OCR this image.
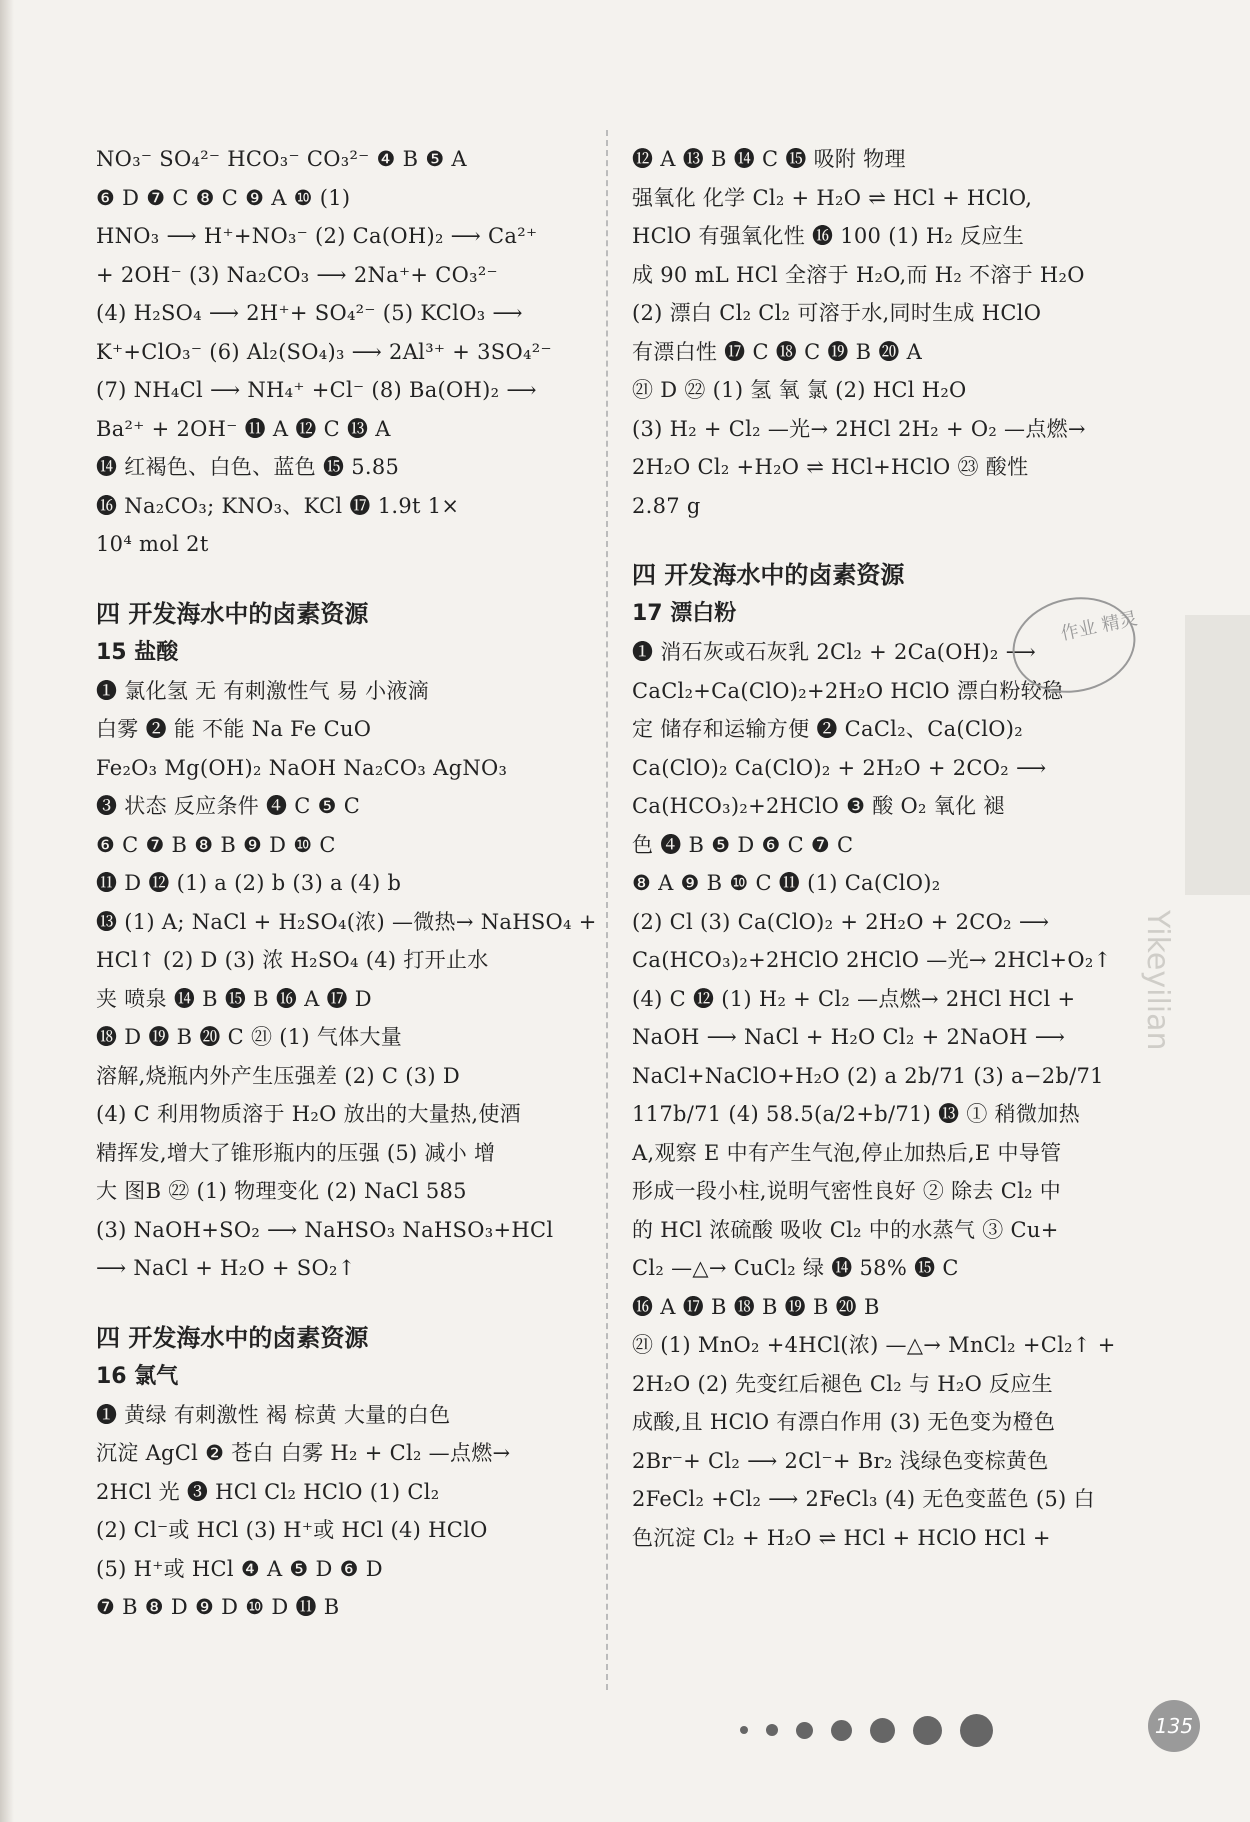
NO₃⁻ SO₄²⁻ HCO₃⁻ CO₃²⁻ ❹ B ❺ A
❻ D ❼ C ❽ C ❾ A ❿ (1)
HNO₃ ⟶ H⁺+NO₃⁻ (2) Ca(OH)₂ ⟶ Ca²⁺
+ 2OH⁻ (3) Na₂CO₃ ⟶ 2Na⁺+ CO₃²⁻
(4) H₂SO₄ ⟶ 2H⁺+ SO₄²⁻ (5) KClO₃ ⟶
K⁺+ClO₃⁻ (6) Al₂(SO₄)₃ ⟶ 2Al³⁺ + 3SO₄²⁻
(7) NH₄Cl ⟶ NH₄⁺ +Cl⁻ (8) Ba(OH)₂ ⟶
Ba²⁺ + 2OH⁻ ⓫ A ⓬ C ⓭ A
⓮ 红褐色、白色、蓝色 ⓯ 5.85
⓰ Na₂CO₃; KNO₃、KCl ⓱ 1.9t 1×
10⁴ mol 2t
四 开发海水中的卤素资源
15 盐酸
❶ 氯化氢 无 有刺激性气 易 小液滴
白雾 ❷ 能 不能 Na Fe CuO
Fe₂O₃ Mg(OH)₂ NaOH Na₂CO₃ AgNO₃
❸ 状态 反应条件 ❹ C ❺ C
❻ C ❼ B ❽ B ❾ D ❿ C
⓫ D ⓬ (1) a (2) b (3) a (4) b
⓭ (1) A; NaCl + H₂SO₄(浓) —微热→ NaHSO₄ +
HCl↑ (2) D (3) 浓 H₂SO₄ (4) 打开止水
夹 喷泉 ⓮ B ⓯ B ⓰ A ⓱ D
⓲ D ⓳ B ⓴ C ㉑ (1) 气体大量
溶解,烧瓶内外产生压强差 (2) C (3) D
(4) C 利用物质溶于 H₂O 放出的大量热,使酒
精挥发,增大了锥形瓶内的压强 (5) 减小 增
大 图B ㉒ (1) 物理变化 (2) NaCl 585
(3) NaOH+SO₂ ⟶ NaHSO₃ NaHSO₃+HCl
⟶ NaCl + H₂O + SO₂↑
四 开发海水中的卤素资源
16 氯气
❶ 黄绿 有刺激性 褐 棕黄 大量的白色
沉淀 AgCl ❷ 苍白 白雾 H₂ + Cl₂ —点燃→
2HCl 光 ❸ HCl Cl₂ HClO (1) Cl₂
(2) Cl⁻或 HCl (3) H⁺或 HCl (4) HClO
(5) H⁺或 HCl ❹ A ❺ D ❻ D
❼ B ❽ D ❾ D ❿ D ⓫ B
⓬ A ⓭ B ⓮ C ⓯ 吸附 物理
强氧化 化学 Cl₂ + H₂O ⇌ HCl + HClO,
HClO 有强氧化性 ⓰ 100 (1) H₂ 反应生
成 90 mL HCl 全溶于 H₂O,而 H₂ 不溶于 H₂O
(2) 漂白 Cl₂ Cl₂ 可溶于水,同时生成 HClO
有漂白性 ⓱ C ⓲ C ⓳ B ⓴ A
㉑ D ㉒ (1) 氢 氧 氯 (2) HCl H₂O
(3) H₂ + Cl₂ —光→ 2HCl 2H₂ + O₂ —点燃→
2H₂O Cl₂ +H₂O ⇌ HCl+HClO ㉓ 酸性
2.87 g
四 开发海水中的卤素资源
17 漂白粉
❶ 消石灰或石灰乳 2Cl₂ + 2Ca(OH)₂ ⟶
CaCl₂+Ca(ClO)₂+2H₂O HClO 漂白粉较稳
定 储存和运输方便 ❷ CaCl₂、Ca(ClO)₂
Ca(ClO)₂ Ca(ClO)₂ + 2H₂O + 2CO₂ ⟶
Ca(HCO₃)₂+2HClO ❸ 酸 O₂ 氧化 褪
色 ❹ B ❺ D ❻ C ❼ C
❽ A ❾ B ❿ C ⓫ (1) Ca(ClO)₂
(2) Cl (3) Ca(ClO)₂ + 2H₂O + 2CO₂ ⟶
Ca(HCO₃)₂+2HClO 2HClO —光→ 2HCl+O₂↑
(4) C ⓬ (1) H₂ + Cl₂ —点燃→ 2HCl HCl +
NaOH ⟶ NaCl + H₂O Cl₂ + 2NaOH ⟶
NaCl+NaClO+H₂O (2) a 2b/71 (3) a−2b/71
117b/71 (4) 58.5(a/2+b/71) ⓭ ① 稍微加热
A,观察 E 中有产生气泡,停止加热后,E 中导管
形成一段小柱,说明气密性良好 ② 除去 Cl₂ 中
的 HCl 浓硫酸 吸收 Cl₂ 中的水蒸气 ③ Cu+
Cl₂ —△→ CuCl₂ 绿 ⓮ 58% ⓯ C
⓰ A ⓱ B ⓲ B ⓳ B ⓴ B
㉑ (1) MnO₂ +4HCl(浓) —△→ MnCl₂ +Cl₂↑ +
2H₂O (2) 先变红后褪色 Cl₂ 与 H₂O 反应生
成酸,且 HClO 有漂白作用 (3) 无色变为橙色
2Br⁻+ Cl₂ ⟶ 2Cl⁻+ Br₂ 浅绿色变棕黄色
2FeCl₂ +Cl₂ ⟶ 2FeCl₃ (4) 无色变蓝色 (5) 白
色沉淀 Cl₂ + H₂O ⇌ HCl + HClO HCl +
Yikeyilian
作业 精灵
135
